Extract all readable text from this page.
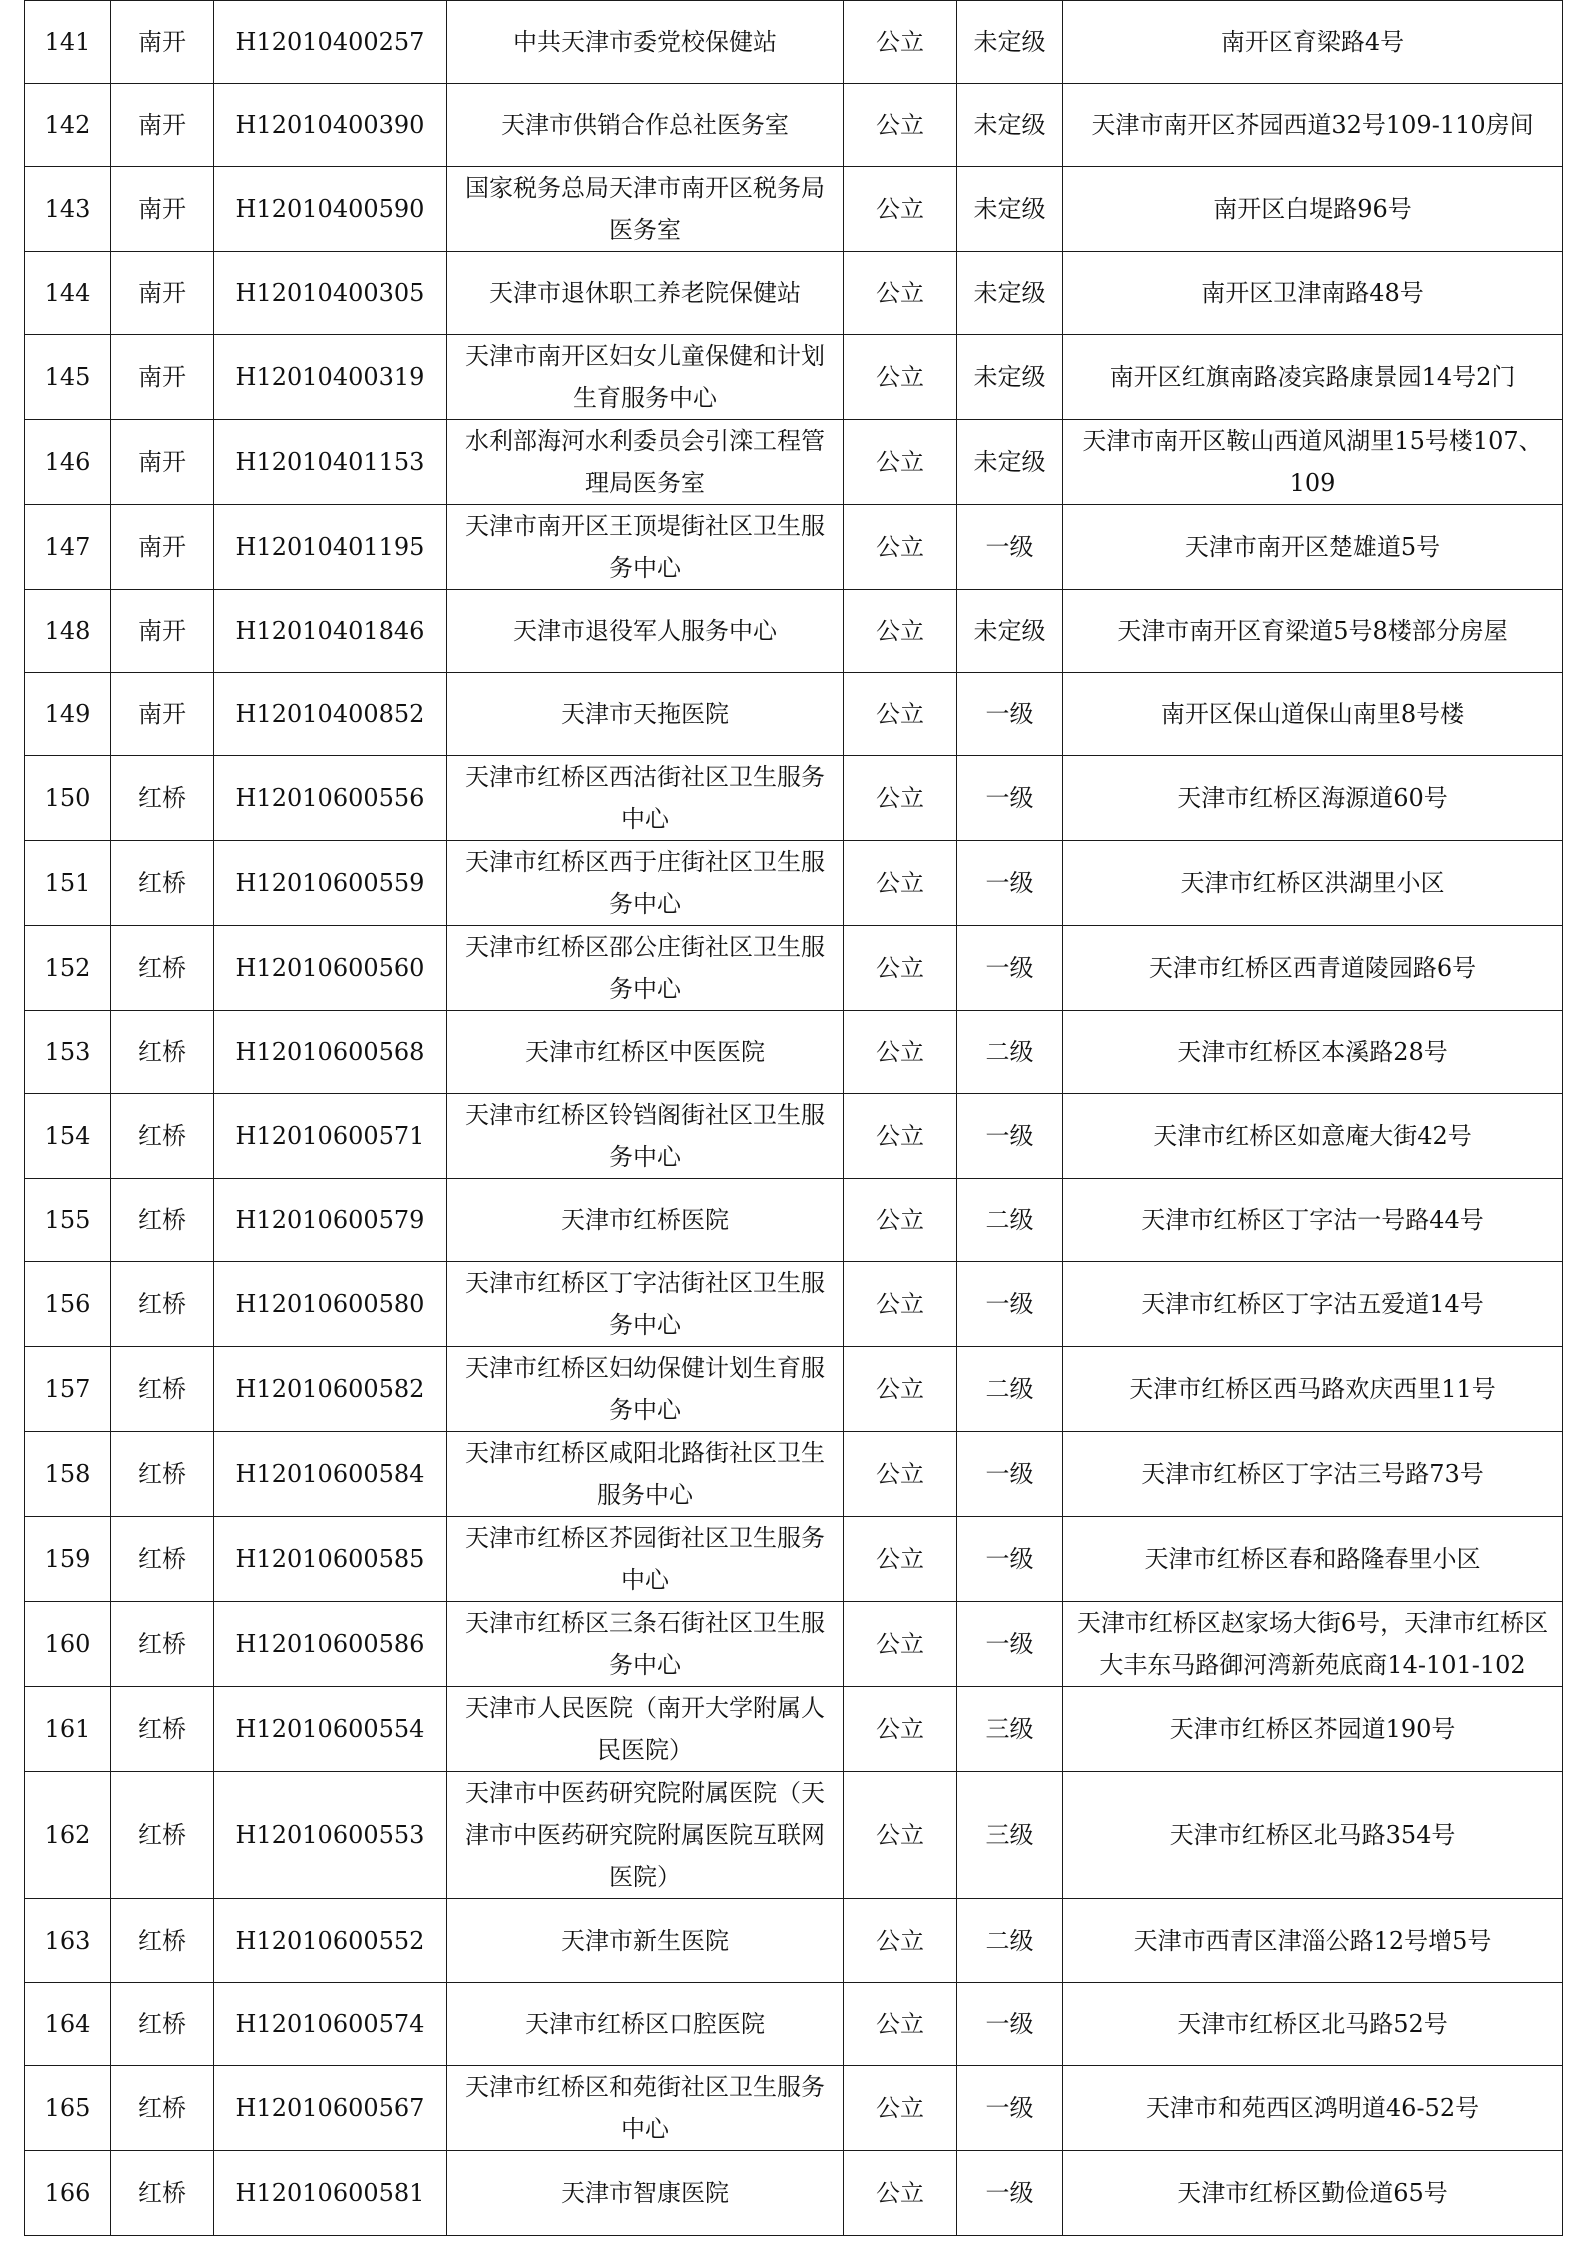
141	南开	H12010400257	中共天津市委党校保健站	公立	未定级	南开区育梁路4号
142	南开	H12010400390	天津市供销合作总社医务室	公立	未定级	天津市南开区芥园西道32号109-110房间
143	南开	H12010400590	国家税务总局天津市南开区税务局医务室	公立	未定级	南开区白堤路96号
144	南开	H12010400305	天津市退休职工养老院保健站	公立	未定级	南开区卫津南路48号
145	南开	H12010400319	天津市南开区妇女儿童保健和计划生育服务中心	公立	未定级	南开区红旗南路凌宾路康景园14号2门
146	南开	H12010401153	水利部海河水利委员会引滦工程管理局医务室	公立	未定级	天津市南开区鞍山西道风湖里15号楼107、109
147	南开	H12010401195	天津市南开区王顶堤街社区卫生服务中心	公立	一级	天津市南开区楚雄道5号
148	南开	H12010401846	天津市退役军人服务中心	公立	未定级	天津市南开区育梁道5号8楼部分房屋
149	南开	H12010400852	天津市天拖医院	公立	一级	南开区保山道保山南里8号楼
150	红桥	H12010600556	天津市红桥区西沽街社区卫生服务中心	公立	一级	天津市红桥区海源道60号
151	红桥	H12010600559	天津市红桥区西于庄街社区卫生服务中心	公立	一级	天津市红桥区洪湖里小区
152	红桥	H12010600560	天津市红桥区邵公庄街社区卫生服务中心	公立	一级	天津市红桥区西青道陵园路6号
153	红桥	H12010600568	天津市红桥区中医医院	公立	二级	天津市红桥区本溪路28号
154	红桥	H12010600571	天津市红桥区铃铛阁街社区卫生服务中心	公立	一级	天津市红桥区如意庵大街42号
155	红桥	H12010600579	天津市红桥医院	公立	二级	天津市红桥区丁字沽一号路44号
156	红桥	H12010600580	天津市红桥区丁字沽街社区卫生服务中心	公立	一级	天津市红桥区丁字沽五爱道14号
157	红桥	H12010600582	天津市红桥区妇幼保健计划生育服务中心	公立	二级	天津市红桥区西马路欢庆西里11号
158	红桥	H12010600584	天津市红桥区咸阳北路街社区卫生服务中心	公立	一级	天津市红桥区丁字沽三号路73号
159	红桥	H12010600585	天津市红桥区芥园街社区卫生服务中心	公立	一级	天津市红桥区春和路隆春里小区
160	红桥	H12010600586	天津市红桥区三条石街社区卫生服务中心	公立	一级	天津市红桥区赵家场大街6号，天津市红桥区大丰东马路御河湾新苑底商14-101-102
161	红桥	H12010600554	天津市人民医院（南开大学附属人民医院）	公立	三级	天津市红桥区芥园道190号
162	红桥	H12010600553	天津市中医药研究院附属医院（天津市中医药研究院附属医院互联网医院）	公立	三级	天津市红桥区北马路354号
163	红桥	H12010600552	天津市新生医院	公立	二级	天津市西青区津淄公路12号增5号
164	红桥	H12010600574	天津市红桥区口腔医院	公立	一级	天津市红桥区北马路52号
165	红桥	H12010600567	天津市红桥区和苑街社区卫生服务中心	公立	一级	天津市和苑西区鸿明道46-52号
166	红桥	H12010600581	天津市智康医院	公立	一级	天津市红桥区勤俭道65号
